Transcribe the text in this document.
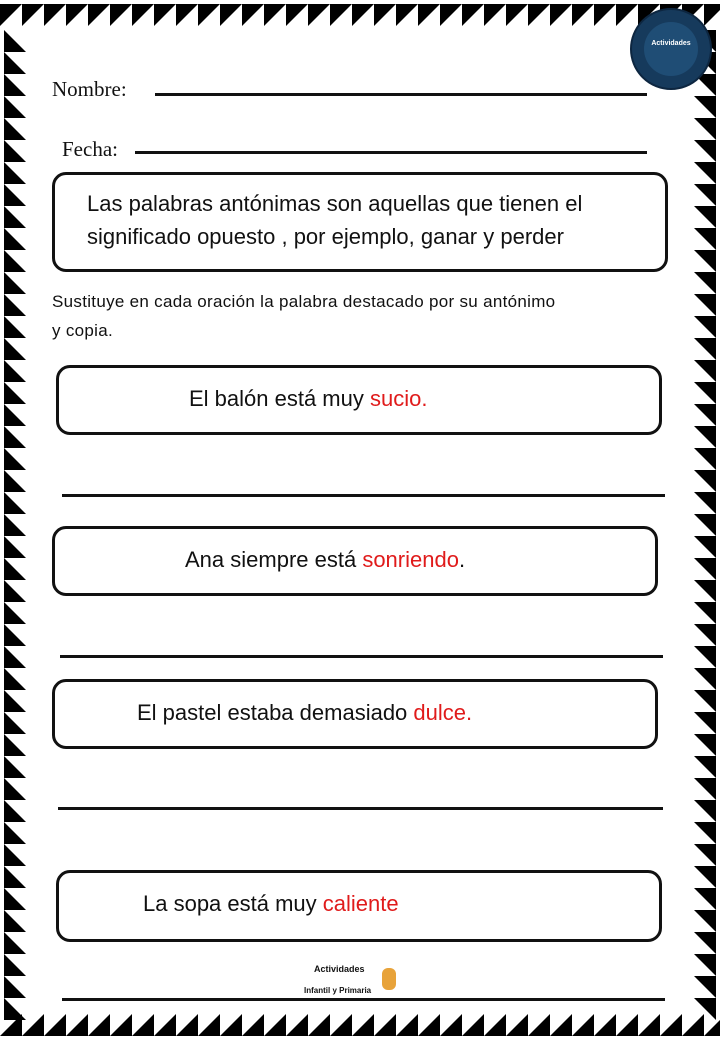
Actividades
Nombre:
Fecha:
Las palabras antónimas son aquellas que tienen el
significado opuesto , por ejemplo, ganar y perder
Sustituye en cada oración la palabra destacado por su antónimo
y copia.
El balón está muy sucio.
Ana siempre está sonriendo.
El pastel estaba demasiado dulce.
La sopa está muy caliente
Actividades
Infantil y Primaria
